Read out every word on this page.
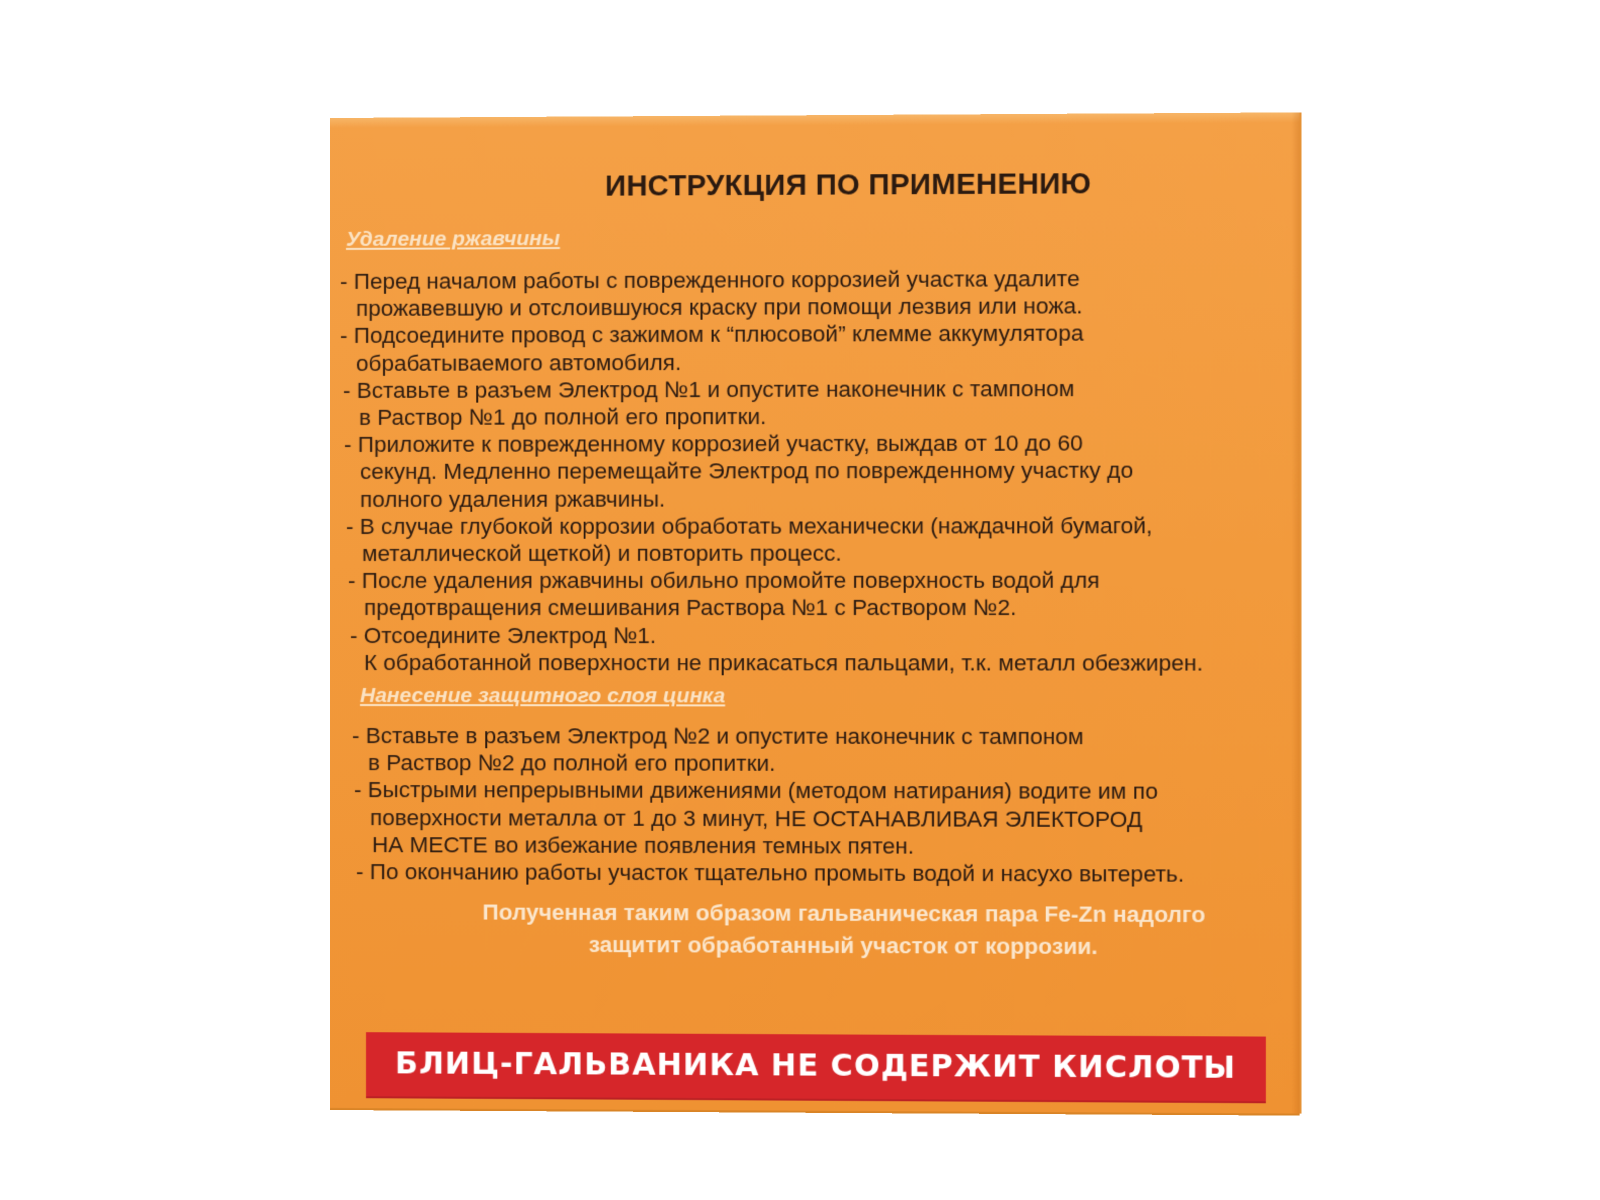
ИНСТРУКЦИЯ ПО ПРИМЕНЕНИЮ
Удаление ржавчины
- Перед началом работы с поврежденного коррозией участка удалите
прожавевшую и отслоившуюся краску при помощи лезвия или ножа.
- Подсоедините провод с зажимом к “плюсовой” клемме аккумулятора
обрабатываемого автомобиля.
- Вставьте в разъем Электрод №1 и опустите наконечник с тампоном
в Раствор №1 до полной его пропитки.
- Приложите к поврежденному коррозией участку, выждав от 10 до 60
секунд. Медленно перемещайте Электрод по поврежденному участку до
полного удаления ржавчины.
- В случае глубокой коррозии обработать механически (наждачной бумагой,
металлической щеткой) и повторить процесс.
- После удаления ржавчины обильно промойте поверхность водой для
предотвращения смешивания Раствора №1 с Раствором №2.
- Отсоедините Электрод №1.
К обработанной поверхности не прикасаться пальцами, т.к. металл обезжирен.
Нанесение защитного слоя цинка
- Вставьте в разъем Электрод №2 и опустите наконечник с тампоном
в Раствор №2 до полной его пропитки.
- Быстрыми непрерывными движениями (методом натирания) водите им по
поверхности металла от 1 до 3 минут, НЕ ОСТАНАВЛИВАЯ ЭЛЕКТОРОД
НА МЕСТЕ во избежание появления темных пятен.
- По окончанию работы участок тщательно промыть водой и насухо вытереть.
Полученная таким образом гальваническая пара Fe-Zn надолго
защитит обработанный участок от коррозии.
БЛИЦ-ГАЛЬВАНИКА НЕ СОДЕРЖИТ КИСЛОТЫ
